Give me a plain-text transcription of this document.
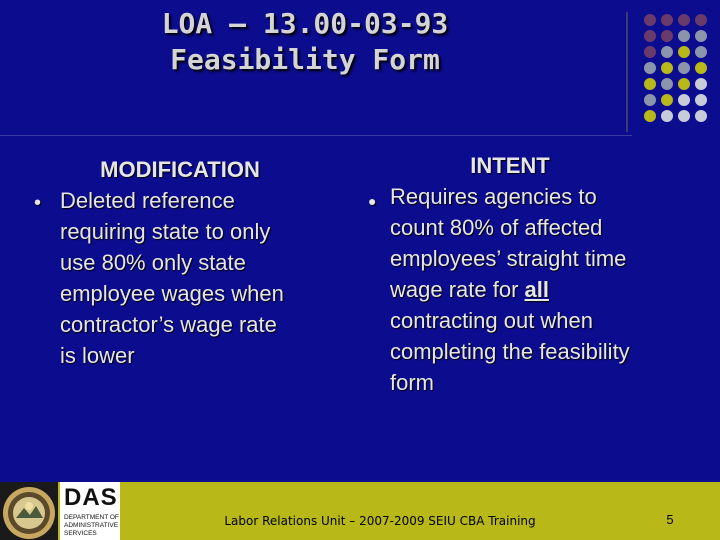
LOA – 13.00-03-93
Feasibility Form
MODIFICATION
• Deleted reference
requiring state to only
use 80% only state
employee wages when
contractor’s wage rate
is lower
INTENT
● Requires agencies to
count 80% of affected
employees’ straight time
wage rate for all
contracting out when
completing the feasibility
form
DAS
DEPARTMENT OF
ADMINISTRATIVE
SERVICES
Labor Relations Unit – 2007-2009 SEIU CBA Training	5
